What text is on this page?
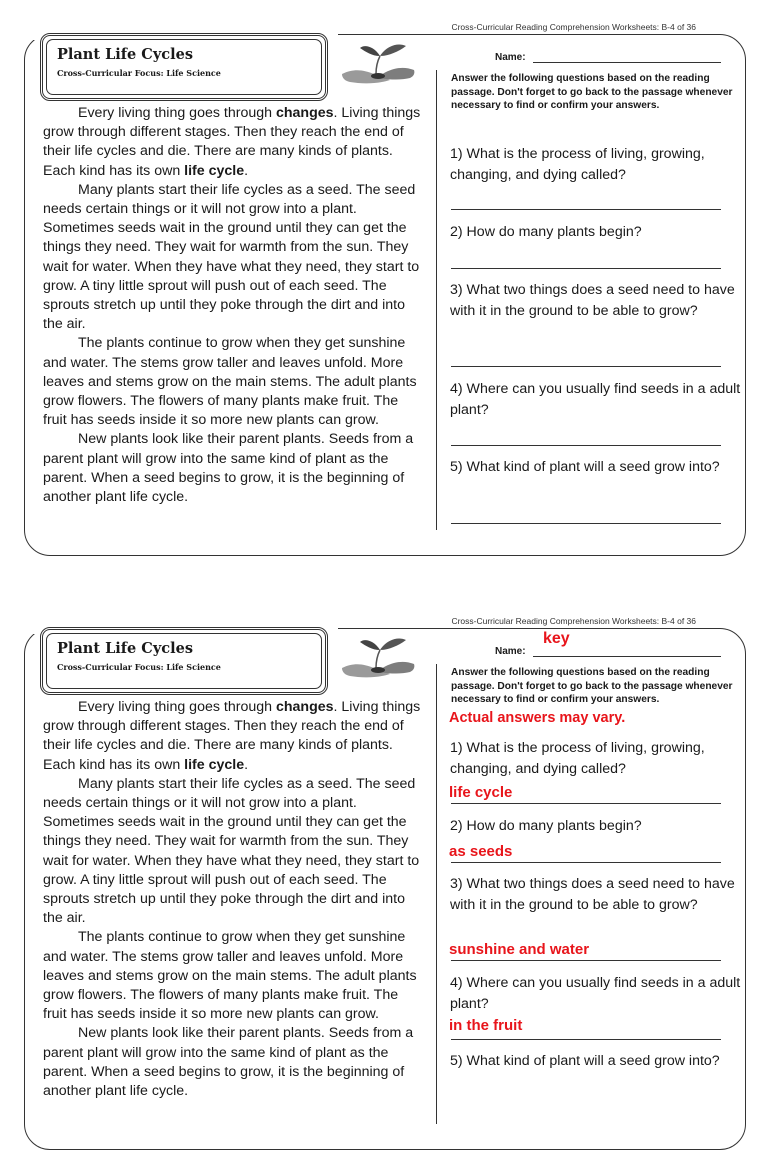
Cross-Curricular Reading Comprehension Worksheets: B-4 of 36
Plant Life Cycles
Cross-Curricular Focus: Life Science

Every living thing goes through changes. Living things grow through different stages. Then they reach the end of their life cycles and die. There are many kinds of plants. Each kind has its own life cycle.

Many plants start their life cycles as a seed. The seed needs certain things or it will not grow into a plant. Sometimes seeds wait in the ground until they can get the things they need. They wait for warmth from the sun. They wait for water. When they have what they need, they start to grow. A tiny little sprout will push out of each seed. The sprouts stretch up until they poke through the dirt and into the air.

The plants continue to grow when they get sunshine and water. The stems grow taller and leaves unfold. More leaves and stems grow on the main stems. The adult plants grow flowers. The flowers of many plants make fruit. The fruit has seeds inside it so more new plants can grow.

New plants look like their parent plants. Seeds from a parent plant will grow into the same kind of plant as the parent. When a seed begins to grow, it is the beginning of another plant life cycle.

Name:
Answer the following questions based on the reading passage. Don't forget to go back to the passage whenever necessary to find or confirm your answers.
1) What is the process of living, growing, changing, and dying called?
2) How do many plants begin?
3) What two things does a seed need to have with it in the ground to be able to grow?
4) Where can you usually find seeds in a adult plant?
5) What kind of plant will a seed grow into?
Cross-Curricular Reading Comprehension Worksheets: B-4 of 36
Plant Life Cycles
Cross-Curricular Focus: Life Science

Every living thing goes through changes. Living things grow through different stages. Then they reach the end of their life cycles and die. There are many kinds of plants. Each kind has its own life cycle.

Many plants start their life cycles as a seed. The seed needs certain things or it will not grow into a plant. Sometimes seeds wait in the ground until they can get the things they need. They wait for warmth from the sun. They wait for water. When they have what they need, they start to grow. A tiny little sprout will push out of each seed. The sprouts stretch up until they poke through the dirt and into the air.

The plants continue to grow when they get sunshine and water. The stems grow taller and leaves unfold. More leaves and stems grow on the main stems. The adult plants grow flowers. The flowers of many plants make fruit. The fruit has seeds inside it so more new plants can grow.

New plants look like their parent plants. Seeds from a parent plant will grow into the same kind of plant as the parent. When a seed begins to grow, it is the beginning of another plant life cycle.

Name:
key
Answer the following questions based on the reading passage. Don't forget to go back to the passage whenever necessary to find or confirm your answers.
Actual answers may vary.
1) What is the process of living, growing, changing, and dying called?
life cycle
2) How do many plants begin?
as seeds
3) What two things does a seed need to have with it in the ground to be able to grow?
sunshine and water
4) Where can you usually find seeds in a adult plant?
in the fruit
5) What kind of plant will a seed grow into?
